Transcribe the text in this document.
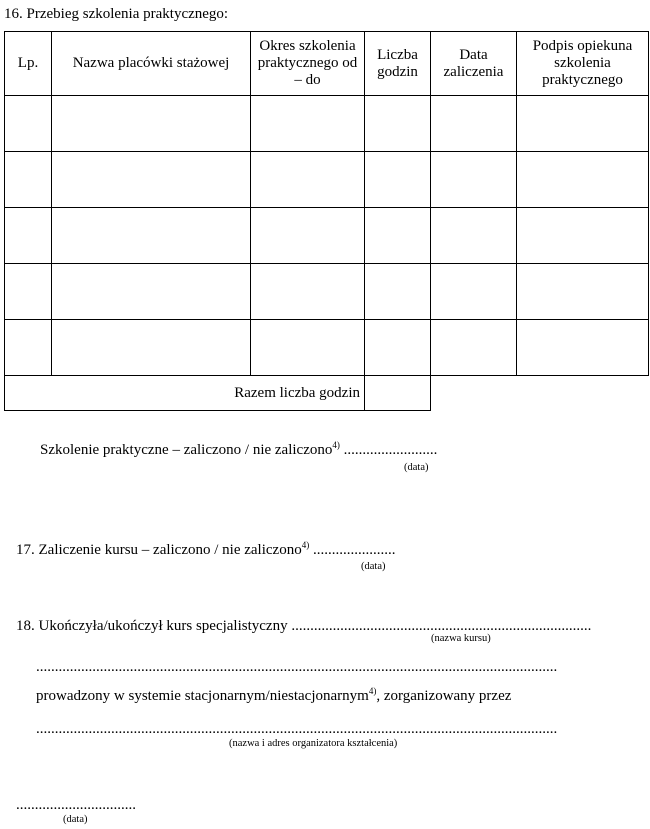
16. Przebieg szkolenia praktycznego:
Lp.	Nazwa placówki stażowej	Okres szkolenia praktycznego od – do	Liczba godzin	Data zaliczenia	Podpis opiekuna szkolenia praktycznego

Razem liczba godzin					
Szkolenie praktyczne – zaliczono / nie zaliczono$^{4)}$ .........................
(data)
17. Zaliczenie kursu – zaliczono / nie zaliczono$^{4)}$ ......................
(data)
18. Ukończyła/ukończył kurs specjalistyczny ................................................................................
(nazwa kursu)
...........................................................................................................................................
prowadzony w systemie stacjonarnym/niestacjonarnym$^{4)}$, zorganizowany przez
...........................................................................................................................................
(nazwa i adres organizatora kształcenia)
................................
(data)
